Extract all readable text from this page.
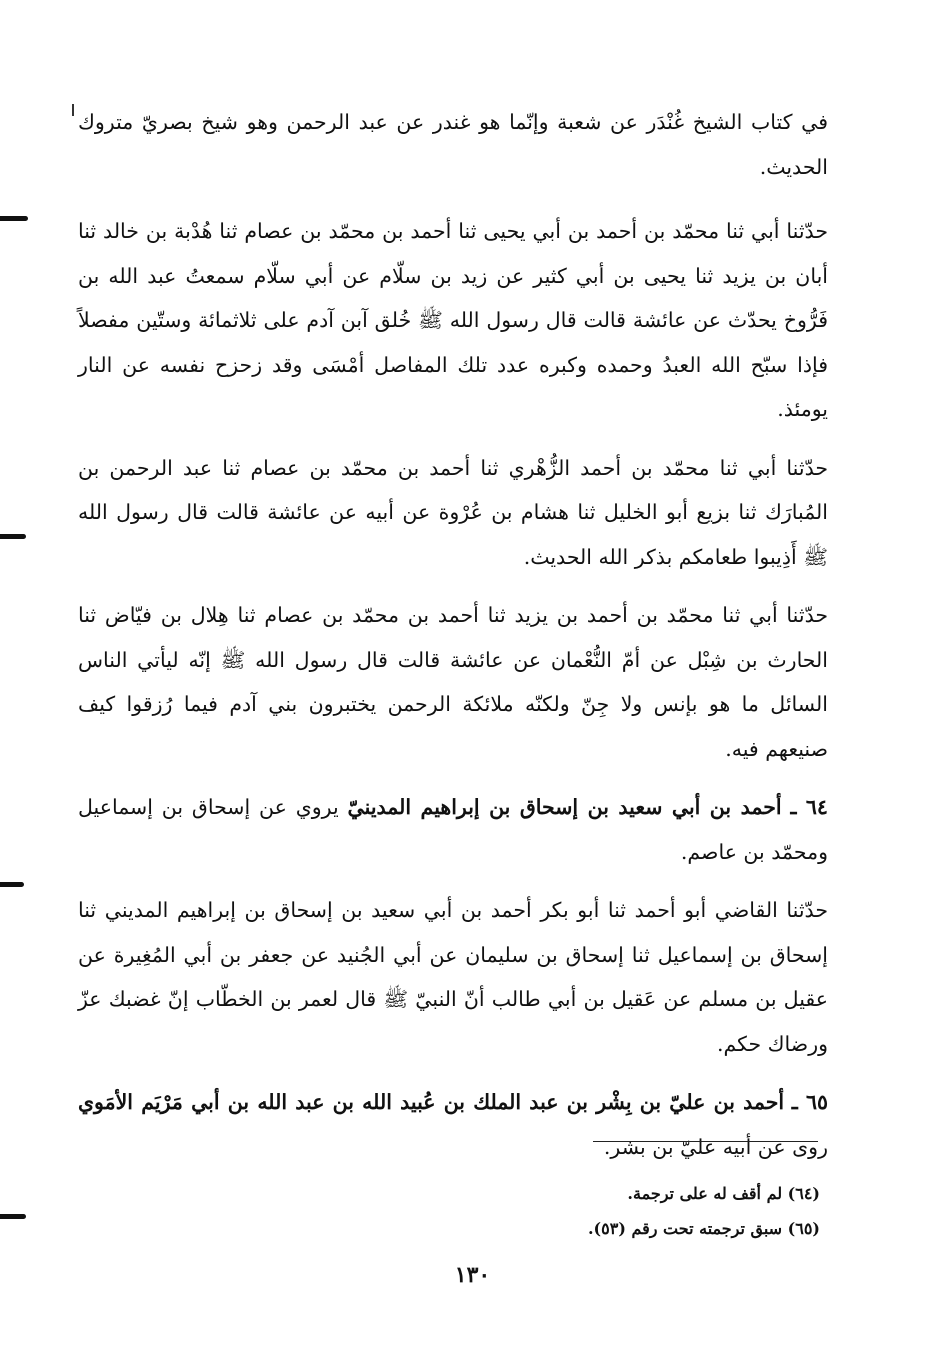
في كتاب الشيخ غُنْدَر عن شعبة وإنّما هو غندر عن عبد الرحمن وهو شيخ بصريّ متروك الحديث.

حدّثنا أبي ثنا محمّد بن أحمد بن أبي يحيى ثنا أحمد بن محمّد بن عصام ثنا هُدْبة بن خالد ثنا أبان بن يزيد ثنا يحيى بن أبي كثير عن زيد بن سلّام عن أبي سلّام سمعتُ عبد الله بن فَرُّوخ يحدّث عن عائشة قالت قال رسول الله ﷺ خُلق آبن آدم على ثلاثمائة وستّين مفصلاً فإذا سبّح الله العبدُ وحمده وكبره عدد تلك المفاصل أمْسَى وقد زحزح نفسه عن النار يومئذ.

حدّثنا أبي ثنا محمّد بن أحمد الزُّهْري ثنا أحمد بن محمّد بن عصام ثنا عبد الرحمن بن المُبارَك ثنا بزيع أبو الخليل ثنا هشام بن عُرْوة عن أبيه عن عائشة قالت قال رسول الله ﷺ أَذِيبوا طعامكم بذكر الله الحديث.

حدّثنا أبي ثنا محمّد بن أحمد بن يزيد ثنا أحمد بن محمّد بن عصام ثنا هِلال بن فيّاض ثنا الحارث بن شِبْل عن أمّ النُّعْمان عن عائشة قالت قال رسول الله ﷺ إنّه ليأتي الناس السائل ما هو بإنس ولا جِنّ ولكنّه ملائكة الرحمن يختبرون بني آدم فيما رُزقوا كيف صنيعهم فيه.

٦٤ ـ أحمد بن أبي سعيد بن إسحاق بن إبراهيم المدينيّ يروي عن إسحاق بن إسماعيل ومحمّد بن عاصم.

حدّثنا القاضي أبو أحمد ثنا أبو بكر أحمد بن أبي سعيد بن إسحاق بن إبراهيم المديني ثنا إسحاق بن إسماعيل ثنا إسحاق بن سليمان عن أبي الجُنيد عن جعفر بن أبي المُغِيرة عن عقيل بن مسلم عن عَقيل بن أبي طالب أنّ النبيّ ﷺ قال لعمر بن الخطّاب إنّ غضبك عزّ ورضاك حكم.

٦٥ ـ أحمد بن عليّ بن بِشْر بن عبد الملك بن عُبيد الله بن عبد الله بن أبي مَرْيَم الأمَوي روى عن أبيه عليّ بن بشر.

(٦٤) لم أقف له على ترجمة.
(٦٥) سبق ترجمته تحت رقم (٥٣).
١٣٠
